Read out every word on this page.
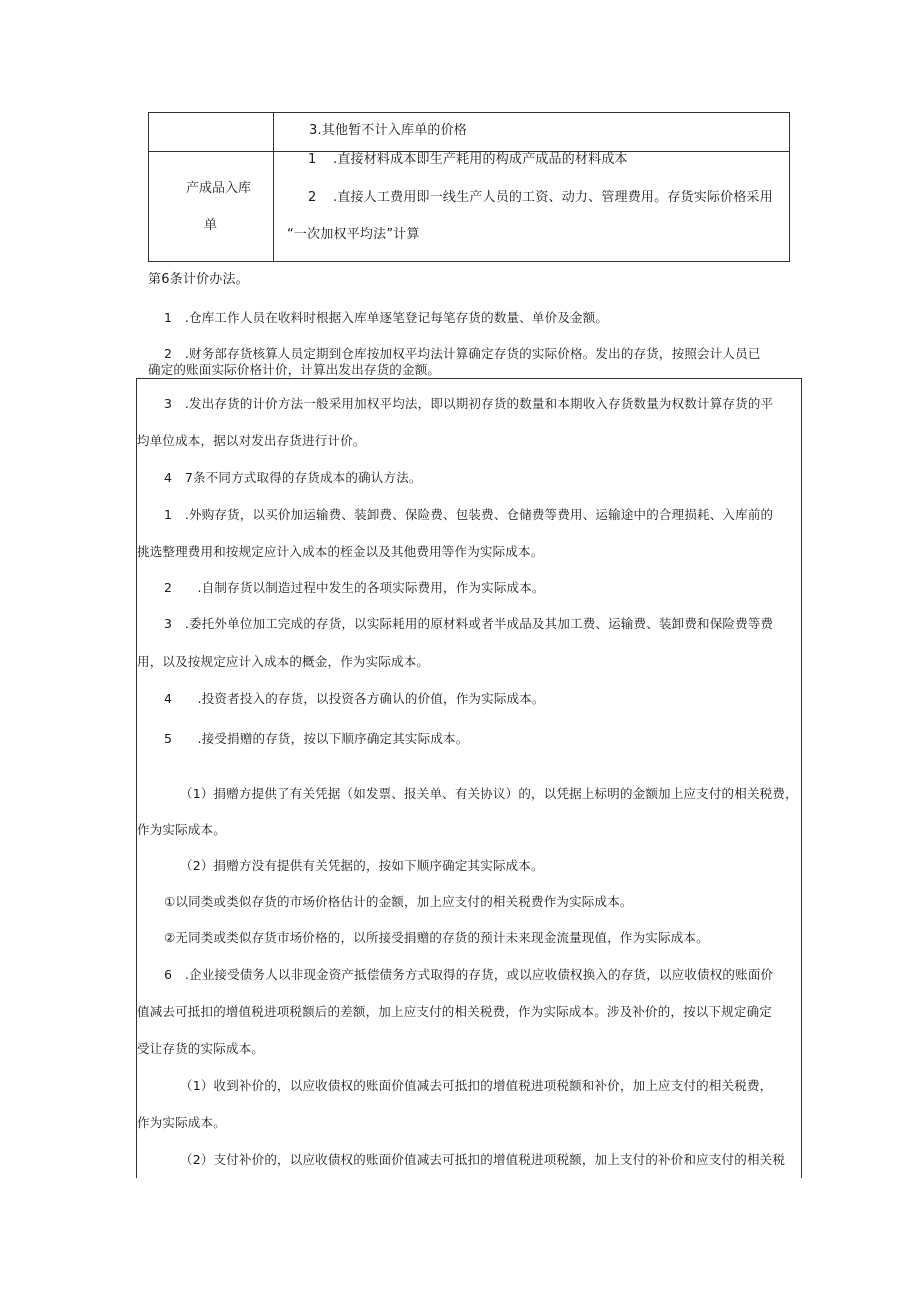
3.其他暂不计入库单的价格
产成品入库
单
1 .直接材料成本即生产耗用的构成产成品的材料成本
2 .直接人工费用即一线生产人员的工资、动力、管理费用。存货实际价格采用
“一次加权平均法”计算
第6条计价办法。
1　.仓库工作人员在收料时根据入库单逐笔登记每笔存货的数量、单价及金额。
2　.财务部存货核算人员定期到仓库按加权平均法计算确定存货的实际价格。发出的存货，按照会计人员已
确定的账面实际价格计价，计算出发出存货的金额。
3　.发出存货的计价方法一般采用加权平均法，即以期初存货的数量和本期收入存货数量为权数计算存货的平
均单位成本，据以对发出存货进行计价。
4　7条不同方式取得的存货成本的确认方法。
1　.外购存货，以买价加运输费、装卸费、保险费、包装费、仓储费等费用、运输途中的合理损耗、入库前的
挑选整理费用和按规定应计入成本的桎金以及其他费用等作为实际成本。
2　　.自制存货以制造过程中发生的各项实际费用，作为实际成本。
3　.委托外单位加工完成的存货，以实际耗用的原材料或者半成品及其加工费、运输费、装卸费和保险费等费
用，以及按规定应计入成本的概金，作为实际成本。
4　　.投资者投入的存货，以投资各方确认的价值，作为实际成本。
5　　.接受捐赠的存货，按以下顺序确定其实际成本。
（1）捐赠方提供了有关凭据（如发票、报关单、有关协议）的，以凭据上标明的金额加上应支付的相关税费，
作为实际成本。
（2）捐赠方没有提供有关凭据的，按如下顺序确定其实际成本。
①以同类或类似存货的市场价格估计的金额，加上应支付的相关税费作为实际成本。
②无同类或类似存货市场价格的，以所接受捐赠的存货的预计未来现金流量现值，作为实际成本。
6　.企业接受债务人以非现金资产抵偿债务方式取得的存货，或以应收债权换入的存货，以应收债权的账面价
值减去可抵扣的增值税进项税额后的差额，加上应支付的相关税费，作为实际成本。涉及补价的，按以下规定确定
受让存货的实际成本。
（1）收到补价的，以应收债权的账面价值减去可抵扣的增值税进项税额和补价，加上应支付的相关税费，
作为实际成本。
（2）支付补价的，以应收债权的账面价值减去可抵扣的增值税进项税额，加上支付的补价和应支付的相关税
